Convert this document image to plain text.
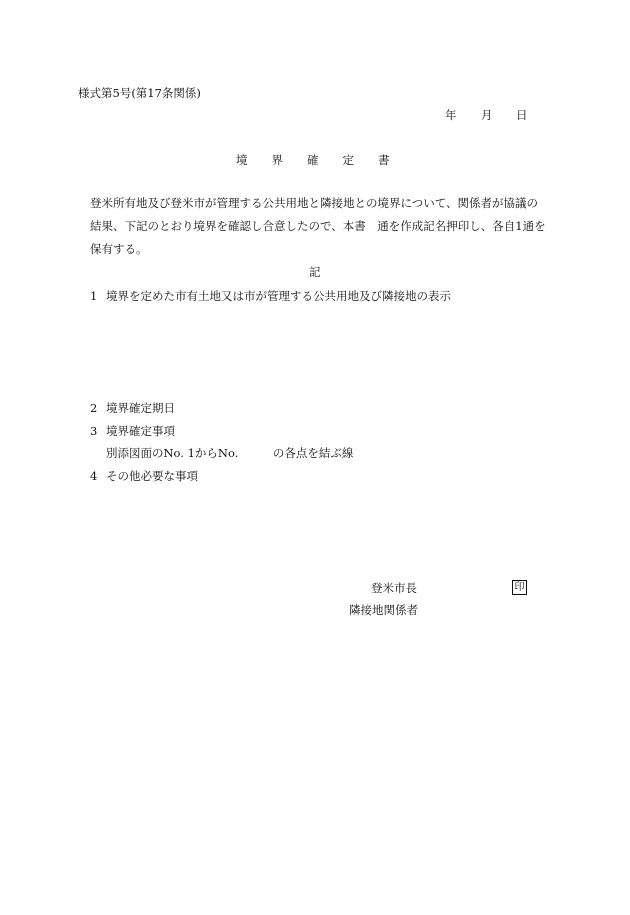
様式第5号(第17条関係)
年 月 日
境 界 確 定 書
登米所有地及び登米市が管理する公共用地と隣接地との境界について、関係者が協議の
結果、下記のとおり境界を確認し合意したので、本書　通を作成記名押印し、各自1通を
保有する。
記
1 境界を定めた市有土地又は市が管理する公共用地及び隣接地の表示
2 境界確定期日
3 境界確定事項
別添図面のNo. 1からNo.　　　の各点を結ぶ線
4 その他必要な事項
登米市長	印
隣接地関係者
